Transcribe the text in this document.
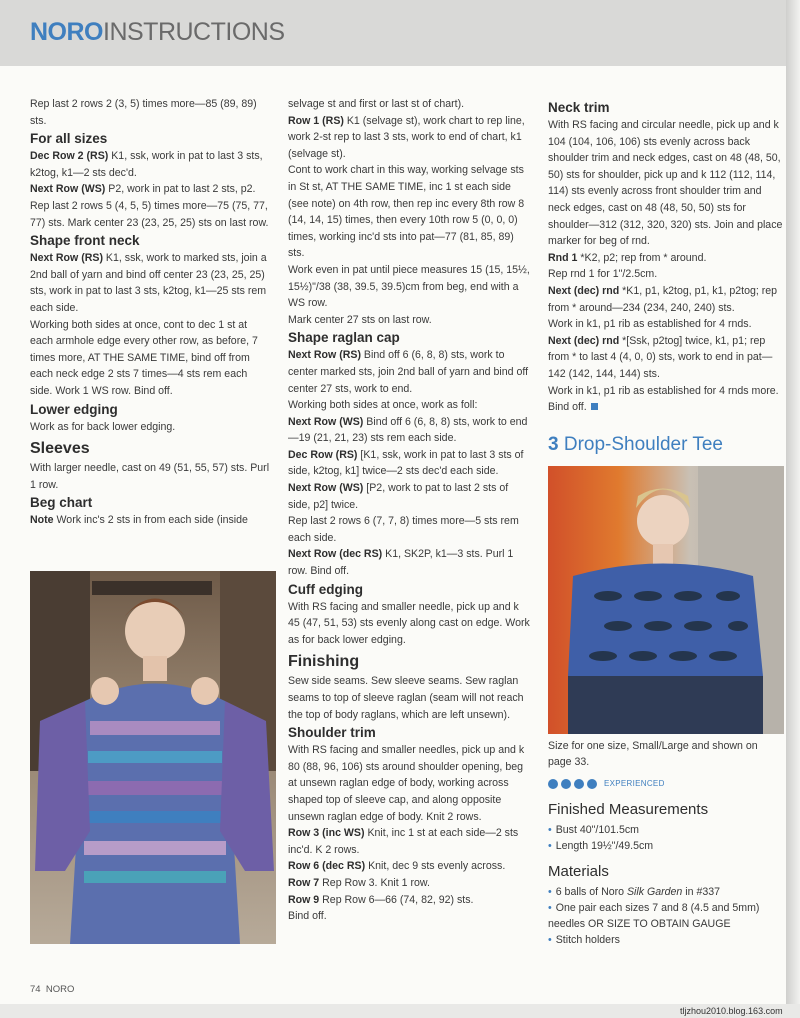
NOROINSTRUCTIONS

Rep last 2 rows 2 (3, 5) times more—85 (89, 89) sts.

For all sizes

Dec Row 2 (RS) K1, ssk, work in pat to last 3 sts, k2tog, k1—2 sts dec'd.

Next Row (WS) P2, work in pat to last 2 sts, p2.

Rep last 2 rows 5 (4, 5, 5) times more—75 (75, 77, 77) sts. Mark center 23 (23, 25, 25) sts on last row.

Shape front neck

Next Row (RS) K1, ssk, work to marked sts, join a 2nd ball of yarn and bind off center 23 (23, 25, 25) sts, work in pat to last 3 sts, k2tog, k1—25 sts rem each side.

Working both sides at once, cont to dec 1 st at each armhole edge every other row, as before, 7 times more, AT THE SAME TIME, bind off from each neck edge 2 sts 7 times—4 sts rem each side. Work 1 WS row. Bind off.

Lower edging

Work as for back lower edging.

Sleeves

With larger needle, cast on 49 (51, 55, 57) sts. Purl 1 row.

Beg chart

Note Work inc's 2 sts in from each side (inside

selvage st and first or last st of chart).

Row 1 (RS) K1 (selvage st), work chart to rep line, work 2-st rep to last 3 sts, work to end of chart, k1 (selvage st).

Cont to work chart in this way, working selvage sts in St st, AT THE SAME TIME, inc 1 st each side (see note) on 4th row, then rep inc every 8th row 8 (14, 14, 15) times, then every 10th row 5 (0, 0, 0) times, working inc'd sts into pat—77 (81, 85, 89) sts.

Work even in pat until piece measures 15 (15, 15½, 15½)"/38 (38, 39.5, 39.5)cm from beg, end with a WS row.

Mark center 27 sts on last row.

Shape raglan cap

Next Row (RS) Bind off 6 (6, 8, 8) sts, work to center marked sts, join 2nd ball of yarn and bind off center 27 sts, work to end.

Working both sides at once, work as foll:

Next Row (WS) Bind off 6 (6, 8, 8) sts, work to end—19 (21, 21, 23) sts rem each side.

Dec Row (RS) [K1, ssk, work in pat to last 3 sts of side, k2tog, k1] twice—2 sts dec'd each side.

Next Row (WS) [P2, work to pat to last 2 sts of side, p2] twice.

Rep last 2 rows 6 (7, 7, 8) times more—5 sts rem each side.

Next Row (dec RS) K1, SK2P, k1—3 sts. Purl 1 row. Bind off.

Cuff edging

With RS facing and smaller needle, pick up and k 45 (47, 51, 53) sts evenly along cast on edge. Work as for back lower edging.

Finishing

Sew side seams. Sew sleeve seams. Sew raglan seams to top of sleeve raglan (seam will not reach the top of body raglans, which are left unsewn).

Shoulder trim

With RS facing and smaller needles, pick up and k 80 (88, 96, 106) sts around shoulder opening, beg at unsewn raglan edge of body, working across shaped top of sleeve cap, and along opposite unsewn raglan edge of body. Knit 2 rows.

Row 3 (inc WS) Knit, inc 1 st at each side—2 sts inc'd. K 2 rows.

Row 6 (dec RS) Knit, dec 9 sts evenly across.

Row 7 Rep Row 3. Knit 1 row.

Row 9 Rep Row 6—66 (74, 82, 92) sts.

Bind off.

Neck trim

With RS facing and circular needle, pick up and k 104 (104, 106, 106) sts evenly across back shoulder trim and neck edges, cast on 48 (48, 50, 50) sts for shoulder, pick up and k 112 (112, 114, 114) sts evenly across front shoulder trim and neck edges, cast on 48 (48, 50, 50) sts for shoulder—312 (312, 320, 320) sts. Join and place marker for beg of rnd.

Rnd 1 *K2, p2; rep from * around.

Rep rnd 1 for 1"/2.5cm.

Next (dec) rnd *K1, p1, k2tog, p1, k1, p2tog; rep from * around—234 (234, 240, 240) sts.

Work in k1, p1 rib as established for 4 rnds.

Next (dec) rnd *[Ssk, p2tog] twice, k1, p1; rep from * to last 4 (4, 0, 0) sts, work to end in pat—142 (142, 144, 144) sts.

Work in k1, p1 rib as established for 4 rnds more. Bind off.

3 Drop-Shoulder Tee

Size for one size, Small/Large and shown on page 33.

EXPERIENCED
Finished Measurements

• Bust 40"/101.5cm

• Length 19½"/49.5cm

Materials

• 6 balls of Noro Silk Garden in #337

• One pair each sizes 7 and 8 (4.5 and 5mm) needles OR SIZE TO OBTAIN GAUGE

• Stitch holders

74 NORO
tljzhou2010.blog.163.com
